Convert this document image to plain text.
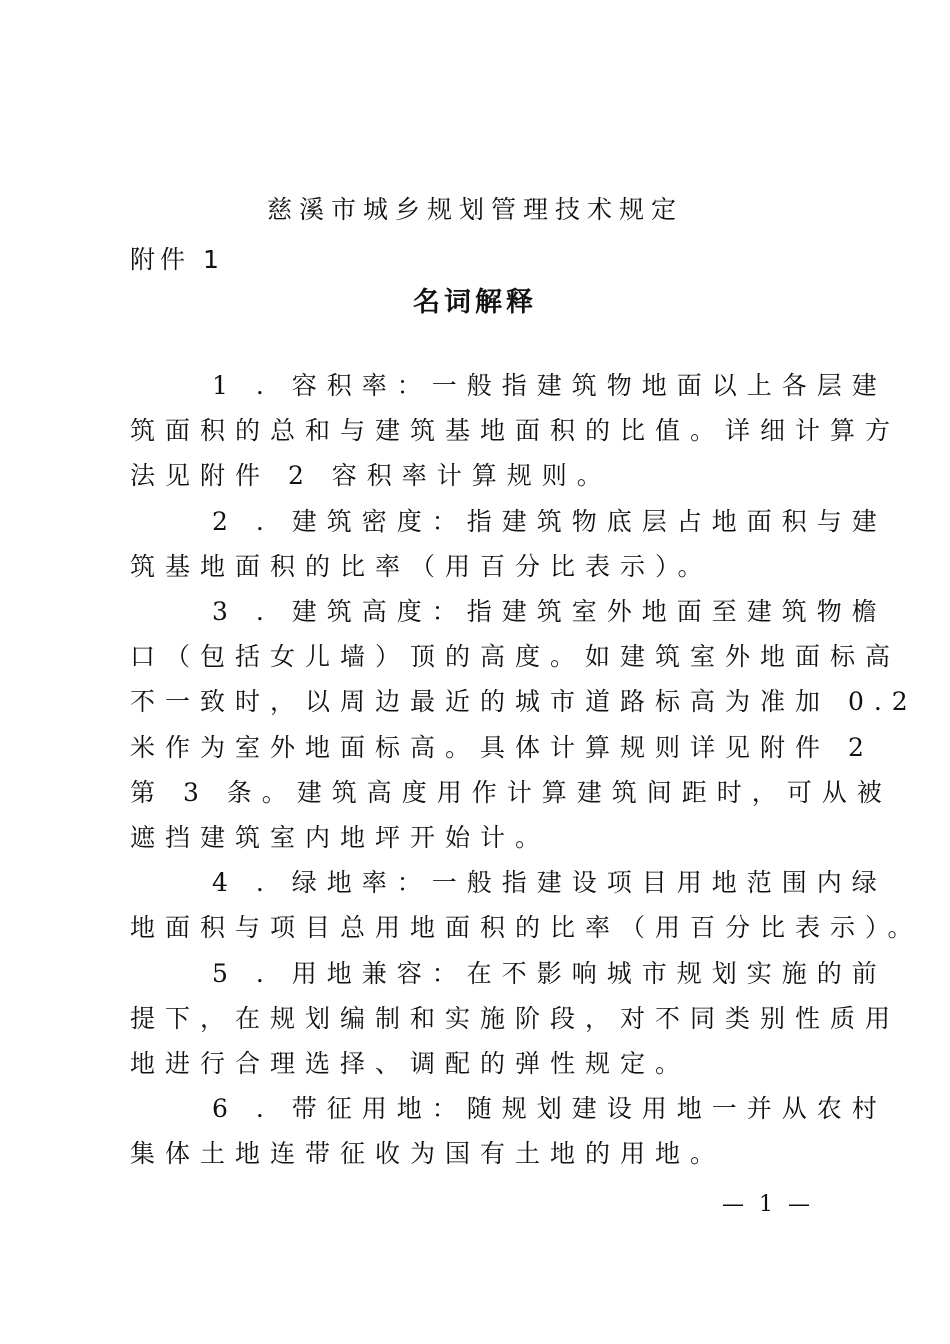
慈溪市城乡规划管理技术规定
附件 1
名词解释

1 . 容积率：一般指建筑物地面以上各层建
筑面积的总和与建筑基地面积的比值。详细计算方
法见附件 2 容积率计算规则。

2 . 建筑密度：指建筑物底层占地面积与建
筑基地面积的比率（用百分比表示）。

3 . 建筑高度：指建筑室外地面至建筑物檐
口（包括女儿墙）顶的高度。如建筑室外地面标高
不一致时，以周边最近的城市道路标高为准加 0.2
米作为室外地面标高。具体计算规则详见附件 2
第 3 条。建筑高度用作计算建筑间距时，可从被
遮挡建筑室内地坪开始计。

4 . 绿地率：一般指建设项目用地范围内绿
地面积与项目总用地面积的比率（用百分比表示）。

5 . 用地兼容：在不影响城市规划实施的前
提下，在规划编制和实施阶段，对不同类别性质用
地进行合理选择、调配的弹性规定。

6 . 带征用地：随规划建设用地一并从农村
集体土地连带征收为国有土地的用地。

— 1 —
